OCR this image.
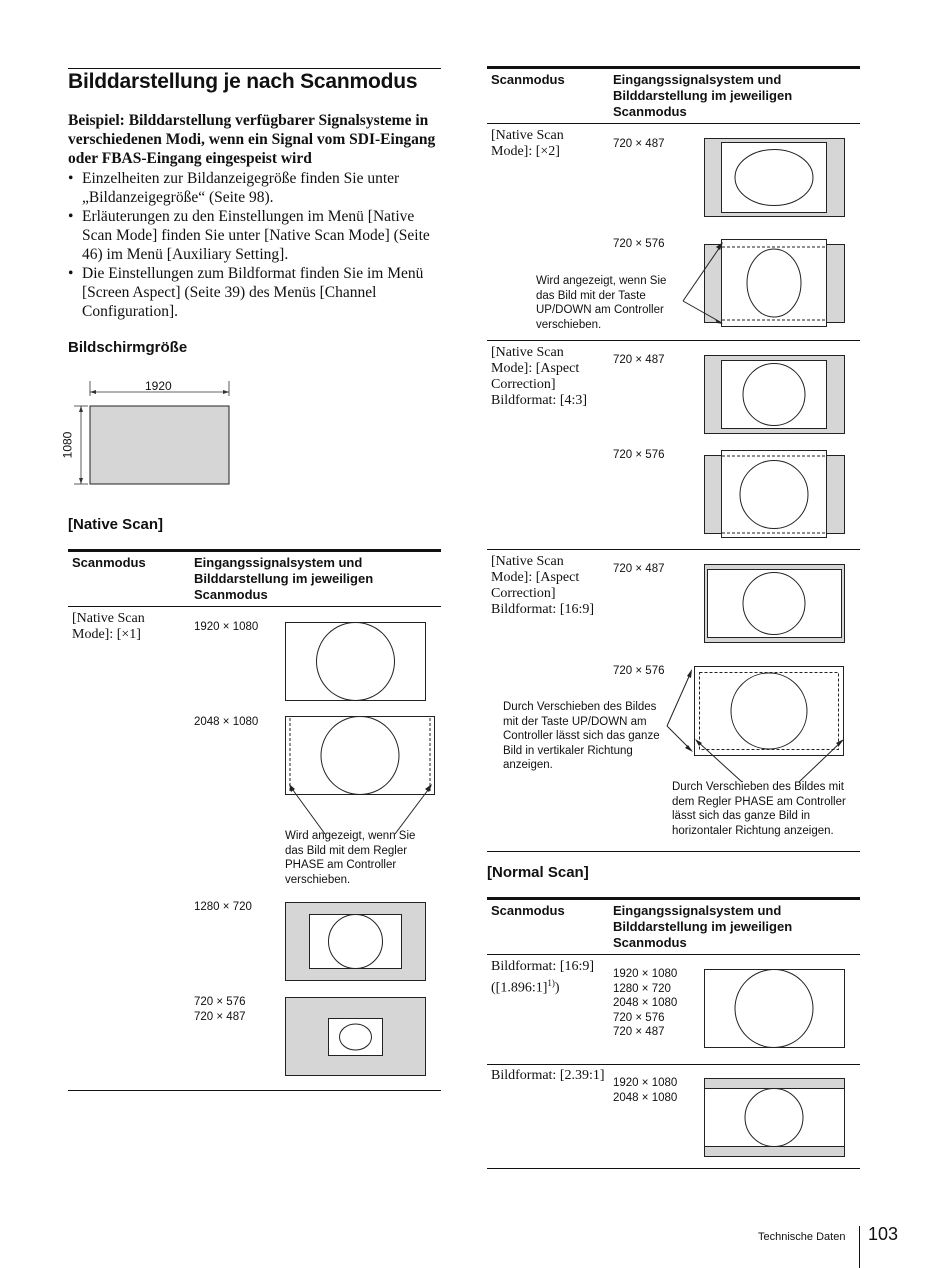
Bilddarstellung je nach Scanmodus
Beispiel: Bilddarstellung verfügbarer Signalsysteme in verschiedenen Modi, wenn ein Signal vom SDI-Eingang oder FBAS-Eingang eingespeist wird
• Einzelheiten zur Bildanzeigegröße finden Sie unter „Bildanzeigegröße“ (Seite 98).
• Erläuterungen zu den Einstellungen im Menü [Native Scan Mode] finden Sie unter [Native Scan Mode] (Seite 46) im Menü [Auxiliary Setting].
• Die Einstellungen zum Bildformat finden Sie im Menü [Screen Aspect] (Seite 39) des Menüs [Channel Configuration].
Bildschirmgröße
1920
1080
[Native Scan]
Scanmodus	Eingangssignalsystem und Bilddarstellung im jeweiligen Scanmodus
[Native Scan Mode]: [×1]	1920 × 1080
2048 × 1080
Wird angezeigt, wenn Sie das Bild mit dem Regler PHASE am Controller verschieben.
1280 × 720
720 × 576
720 × 487
Scanmodus	Eingangssignalsystem und Bilddarstellung im jeweiligen Scanmodus
[Native Scan Mode]: [×2]	720 × 487
720 × 576
Wird angezeigt, wenn Sie das Bild mit der Taste UP/DOWN am Controller verschieben.
[Native Scan Mode]: [Aspect Correction] Bildformat: [4:3]
720 × 487
720 × 576
[Native Scan Mode]: [Aspect Correction] Bildformat: [16:9]
720 × 487
720 × 576
Durch Verschieben des Bildes mit der Taste UP/DOWN am Controller lässt sich das ganze Bild in vertikaler Richtung anzeigen.
Durch Verschieben des Bildes mit dem Regler PHASE am Controller lässt sich das ganze Bild in horizontaler Richtung anzeigen.
[Normal Scan]
Scanmodus	Eingangssignalsystem und Bilddarstellung im jeweiligen Scanmodus
Bildformat: [16:9] ([1.896:1]$^{1)}$)
1920 × 1080
1280 × 720
2048 × 1080
720 × 576
720 × 487
Bildformat: [2.39:1] 1920 × 1080
2048 × 1080
Technische Daten 103
